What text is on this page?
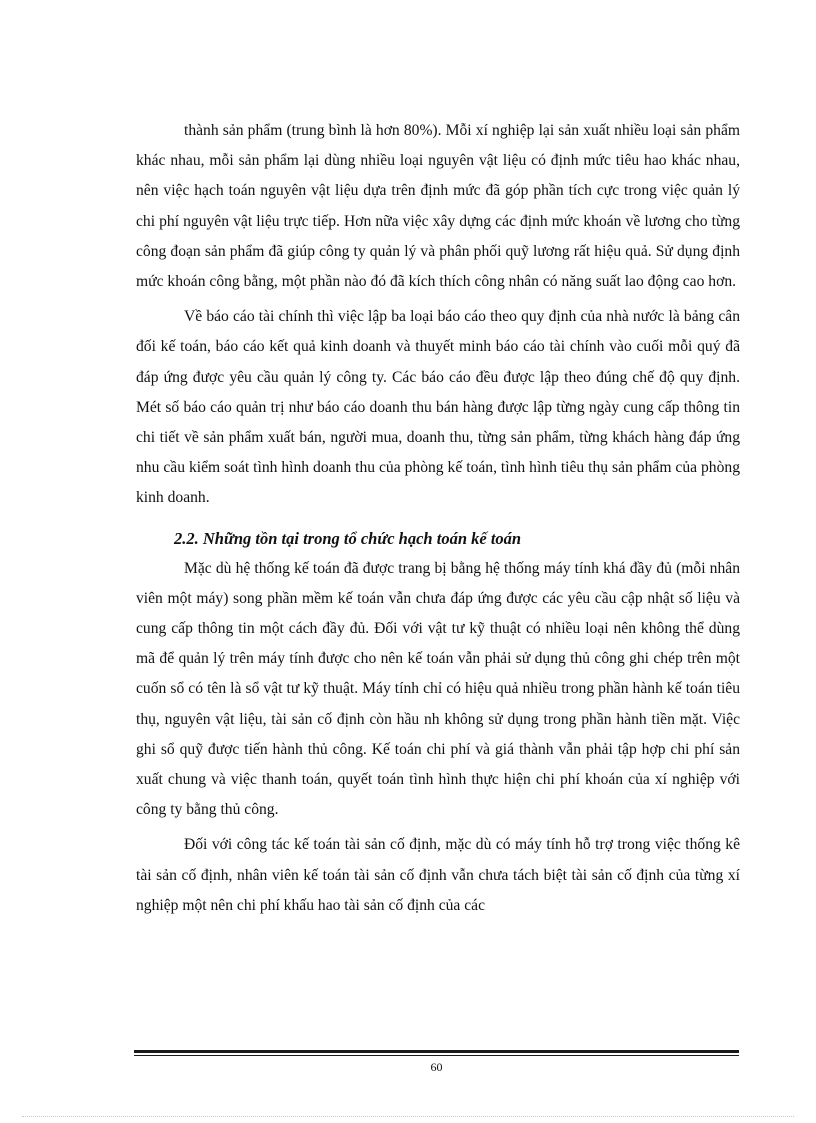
thành sản phẩm (trung bình là hơn 80%). Mỗi xí nghiệp lại sản xuất nhiều loại sản phẩm khác nhau, mỗi sản phẩm lại dùng nhiều loại nguyên vật liệu có định mức tiêu hao khác nhau, nên việc hạch toán nguyên vật liệu dựa trên định mức đã góp phần tích cực trong việc quản lý chi phí nguyên vật liệu trực tiếp. Hơn nữa việc xây dựng các định mức khoán về lương cho từng công đoạn sản phẩm đã giúp công ty quản lý và phân phối quỹ lương rất hiệu quả. Sử dụng định mức khoán công bằng, một phần nào đó đã kích thích công nhân có năng suất lao động cao hơn.

Về báo cáo tài chính thì việc lập ba loại báo cáo theo quy định của nhà nước là bảng cân đối kế toán, báo cáo kết quả kinh doanh và thuyết minh báo cáo tài chính vào cuối mỗi quý đã đáp ứng được yêu cầu quản lý công ty. Các báo cáo đều được lập theo đúng chế độ quy định. Mét số báo cáo quản trị như báo cáo doanh thu bán hàng được lập từng ngày cung cấp thông tin chi tiết về sản phẩm xuất bán, người mua, doanh thu, từng sản phẩm, từng khách hàng đáp ứng nhu cầu kiểm soát tình hình doanh thu của phòng kế toán, tình hình tiêu thụ sản phẩm của phòng kinh doanh.

2.2. Những tồn tại trong tổ chức hạch toán kế toán

Mặc dù hệ thống kế toán đã được trang bị bằng hệ thống máy tính khá đầy đủ (mỗi nhân viên một máy) song phần mềm kế toán vẫn chưa đáp ứng được các yêu cầu cập nhật số liệu và cung cấp thông tin một cách đầy đủ. Đối với vật tư kỹ thuật có nhiều loại nên không thể dùng mã để quản lý trên máy tính được cho nên kế toán vẫn phải sử dụng thủ công ghi chép trên một cuốn sổ có tên là sổ vật tư kỹ thuật. Máy tính chỉ có hiệu quả nhiều trong phần hành kế toán tiêu thụ, nguyên vật liệu, tài sản cố định còn hầu nh không sử dụng trong phần hành tiền mặt. Việc ghi sổ quỹ được tiến hành thủ công. Kế toán chi phí và giá thành vẫn phải tập hợp chi phí sản xuất chung và việc thanh toán, quyết toán tình hình thực hiện chi phí khoán của xí nghiệp với công ty bằng thủ công.

Đối với công tác kế toán tài sản cố định, mặc dù có máy tính hỗ trợ trong việc thống kê tài sản cố định, nhân viên kế toán tài sản cố định vẫn chưa tách biệt tài sản cố định của từng xí nghiệp một nên chi phí khấu hao tài sản cố định của các

60
